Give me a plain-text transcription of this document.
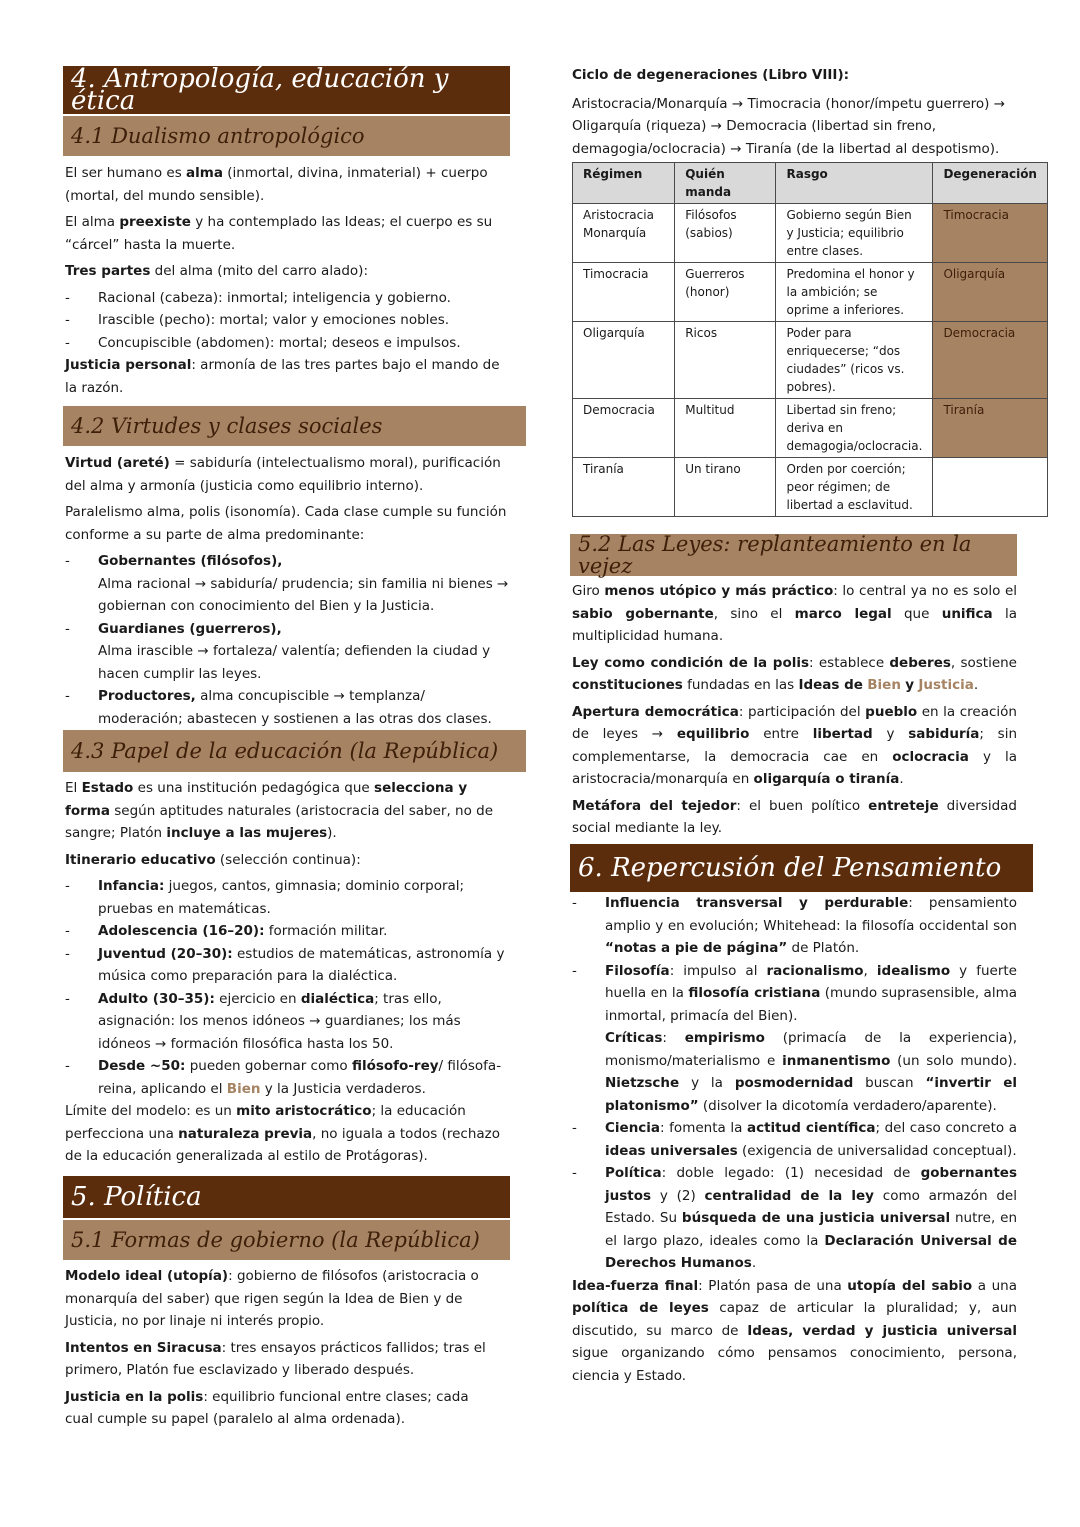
4. Antropología, educación y ética
4.1 Dualismo antropológico

El ser humano es alma (inmortal, divina, inmaterial) + cuerpo (mortal, del mundo sensible).

El alma preexiste y ha contemplado las Ideas; el cuerpo es su “cárcel” hasta la muerte.

Tres partes del alma (mito del carro alado):

-	Racional (cabeza): inmortal; inteligencia y gobierno.
-	Irascible (pecho): mortal; valor y emociones nobles.
-	Concupiscible (abdomen): mortal; deseos e impulsos.

Justicia personal: armonía de las tres partes bajo el mando de la razón.

4.2 Virtudes y clases sociales

Virtud (areté) = sabiduría (intelectualismo moral), purificación del alma y armonía (justicia como equilibrio interno).

Paralelismo alma, polis (isonomía). Cada clase cumple su función conforme a su parte de alma predominante:

-	Gobernantes (filósofos),
Alma racional → sabiduría/ prudencia; sin familia ni bienes → gobiernan con conocimiento del Bien y la Justicia.
-	Guardianes (guerreros),
Alma irascible → fortaleza/ valentía; defienden la ciudad y hacen cumplir las leyes.
-	Productores, alma concupiscible → templanza/ moderación; abastecen y sostienen a las otras dos clases.
4.3 Papel de la educación (la República)

El Estado es una institución pedagógica que selecciona y forma según aptitudes naturales (aristocracia del saber, no de sangre; Platón incluye a las mujeres).

Itinerario educativo (selección continua):

-	Infancia: juegos, cantos, gimnasia; dominio corporal; pruebas en matemáticas.
-	Adolescencia (16–20): formación militar.
-	Juventud (20–30): estudios de matemáticas, astronomía y música como preparación para la dialéctica.
-	Adulto (30–35): ejercicio en dialéctica; tras ello, asignación: los menos idóneos → guardianes; los más idóneos → formación filosófica hasta los 50.
-	Desde ~50: pueden gobernar como filósofo-rey/ filósofa-reina, aplicando el Bien y la Justicia verdaderos.

Límite del modelo: es un mito aristocrático; la educación perfecciona una naturaleza previa, no iguala a todos (rechazo de la educación generalizada al estilo de Protágoras).

5. Política
5.1 Formas de gobierno (la República)

Modelo ideal (utopía): gobierno de filósofos (aristocracia o monarquía del saber) que rigen según la Idea de Bien y de Justicia, no por linaje ni interés propio.

Intentos en Siracusa: tres ensayos prácticos fallidos; tras el primero, Platón fue esclavizado y liberado después.

Justicia en la polis: equilibrio funcional entre clases; cada cual cumple su papel (paralelo al alma ordenada).

Ciclo de degeneraciones (Libro VIII):

Aristocracia/Monarquía → Timocracia (honor/ímpetu guerrero) → Oligarquía (riqueza) → Democracia (libertad sin freno, demagogia/oclocracia) → Tiranía (de la libertad al despotismo).

Régimen	Quién manda	Rasgo	Degeneración
Aristocracia Monarquía	Filósofos (sabios)	Gobierno según Bien y Justicia; equilibrio entre clases.	Timocracia
Timocracia	Guerreros (honor)	Predomina el honor y la ambición; se oprime a inferiores.	Oligarquía
Oligarquía	Ricos	Poder para enriquecerse; “dos ciudades” (ricos vs. pobres).	Democracia
Democracia	Multitud	Libertad sin freno; deriva en demagogia/oclocracia.	Tiranía
Tiranía	Un tirano	Orden por coerción; peor régimen; de libertad a esclavitud.	
5.2 Las Leyes: replanteamiento en la vejez

Giro menos utópico y más práctico: lo central ya no es solo el sabio gobernante, sino el marco legal que unifica la multiplicidad humana.

Ley como condición de la polis: establece deberes, sostiene constituciones fundadas en las Ideas de Bien y Justicia.

Apertura democrática: participación del pueblo en la creación de leyes → equilibrio entre libertad y sabiduría; sin complementarse, la democracia cae en oclocracia y la aristocracia/monarquía en oligarquía o tiranía.

Metáfora del tejedor: el buen político entreteje diversidad social mediante la ley.

6. Repercusión del Pensamiento
-	Influencia transversal y perdurable: pensamiento amplio y en evolución; Whitehead: la filosofía occidental son “notas a pie de página” de Platón.
-	Filosofía: impulso al racionalismo, idealismo y fuerte huella en la filosofía cristiana (mundo suprasensible, alma inmortal, primacía del Bien).
Críticas: empirismo (primacía de la experiencia), monismo/materialismo e inmanentismo (un solo mundo). Nietzsche y la posmodernidad buscan “invertir el platonismo” (disolver la dicotomía verdadero/aparente).
-	Ciencia: fomenta la actitud científica; del caso concreto a ideas universales (exigencia de universalidad conceptual).
-	Política: doble legado: (1) necesidad de gobernantes justos y (2) centralidad de la ley como armazón del Estado. Su búsqueda de una justicia universal nutre, en el largo plazo, ideales como la Declaración Universal de Derechos Humanos.

Idea-fuerza final: Platón pasa de una utopía del sabio a una política de leyes capaz de articular la pluralidad; y, aun discutido, su marco de Ideas, verdad y justicia universal sigue organizando cómo pensamos conocimiento, persona, ciencia y Estado.
